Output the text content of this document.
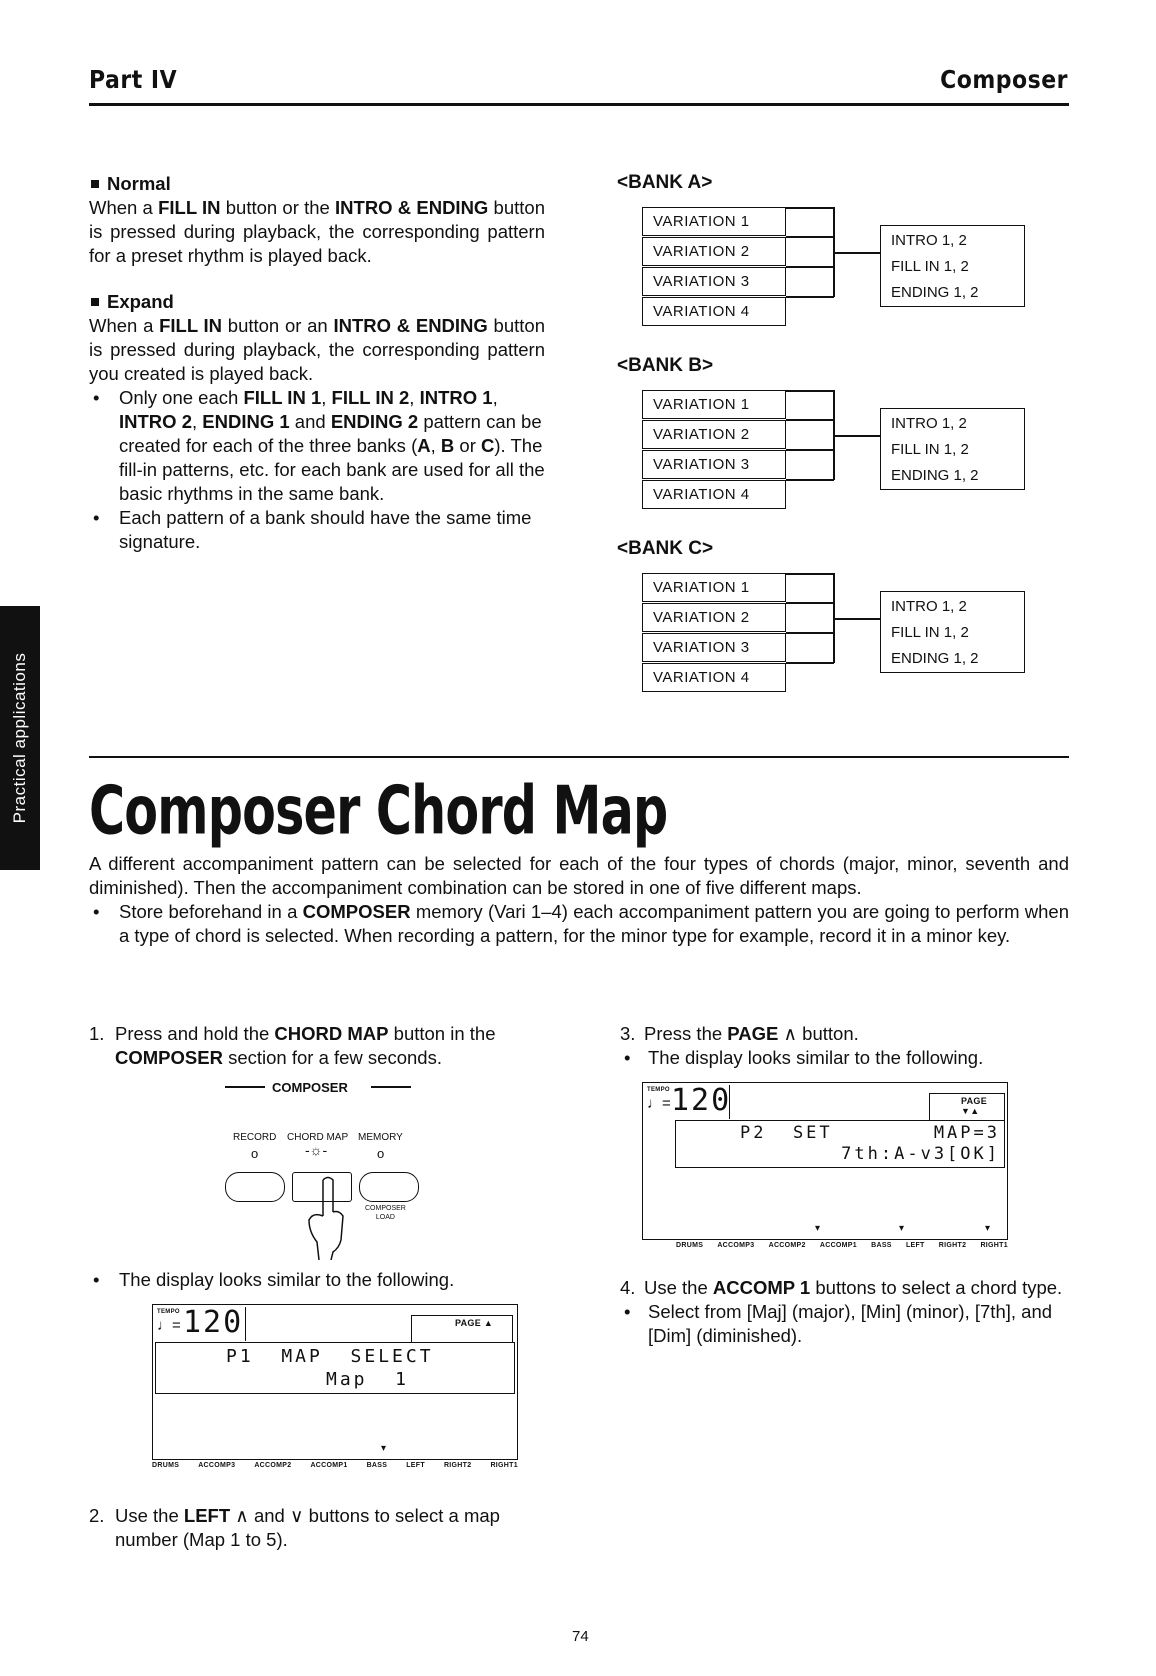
Part IV	Composer
Practical applications
Normal
When a FILL IN button or the INTRO & ENDING button is pressed during playback, the corresponding pattern for a preset rhythm is played back.
Expand
When a FILL IN button or an INTRO & ENDING button is pressed during playback, the corresponding pattern you created is played back.
•	Only one each FILL IN 1, FILL IN 2, INTRO 1, INTRO 2, ENDING 1 and ENDING 2 pattern can be created for each of the three banks (A, B or C). The fill-in patterns, etc. for each bank are used for all the basic rhythms in the same bank.
•	Each pattern of a bank should have the same time signature.
<BANK A>
VARIATION 1
VARIATION 2
VARIATION 3
VARIATION 4
INTRO 1, 2
FILL IN 1, 2
ENDING 1, 2
<BANK B>
VARIATION 1
VARIATION 2
VARIATION 3
VARIATION 4
INTRO 1, 2
FILL IN 1, 2
ENDING 1, 2
<BANK C>
VARIATION 1
VARIATION 2
VARIATION 3
VARIATION 4
INTRO 1, 2
FILL IN 1, 2
ENDING 1, 2
Composer Chord Map
A different accompaniment pattern can be selected for each of the four types of chords (major, minor, seventh and diminished). Then the accompaniment combination can be stored in one of five different maps.
•	Store beforehand in a COMPOSER memory (Vari 1–4) each accompaniment pattern you are going to perform when a type of chord is selected. When recording a pattern, for the minor type for example, record it in a minor key.
1. Press and hold the CHORD MAP button in the COMPOSER section for a few seconds.
COMPOSER
RECORD CHORD MAP MEMORY
o	-☼-	o
COMPOSER
LOAD
•	The display looks similar to the following.
TEMPO
♩= 120	PAGE ▲
P1  MAP  SELECT
Map  1
▾
DRUMS	ACCOMP3	ACCOMP2	ACCOMP1	BASS	LEFT	RIGHT2	RIGHT1
2. Use the LEFT ∧ and ∨ buttons to select a map number (Map 1 to 5).
3. Press the PAGE ∧ button.
• The display looks similar to the following.
TEMPO
♩= 120	PAGE ▼▲
P2  SET	MAP=3
7th:A-v3[OK]
▾	▾	▾
DRUMS ACCOMP3 ACCOMP2 ACCOMP1 BASS LEFT RIGHT2 RIGHT1
4. Use the ACCOMP 1 buttons to select a chord type.
• Select from [Maj] (major), [Min] (minor), [7th], and [Dim] (diminished).
74
